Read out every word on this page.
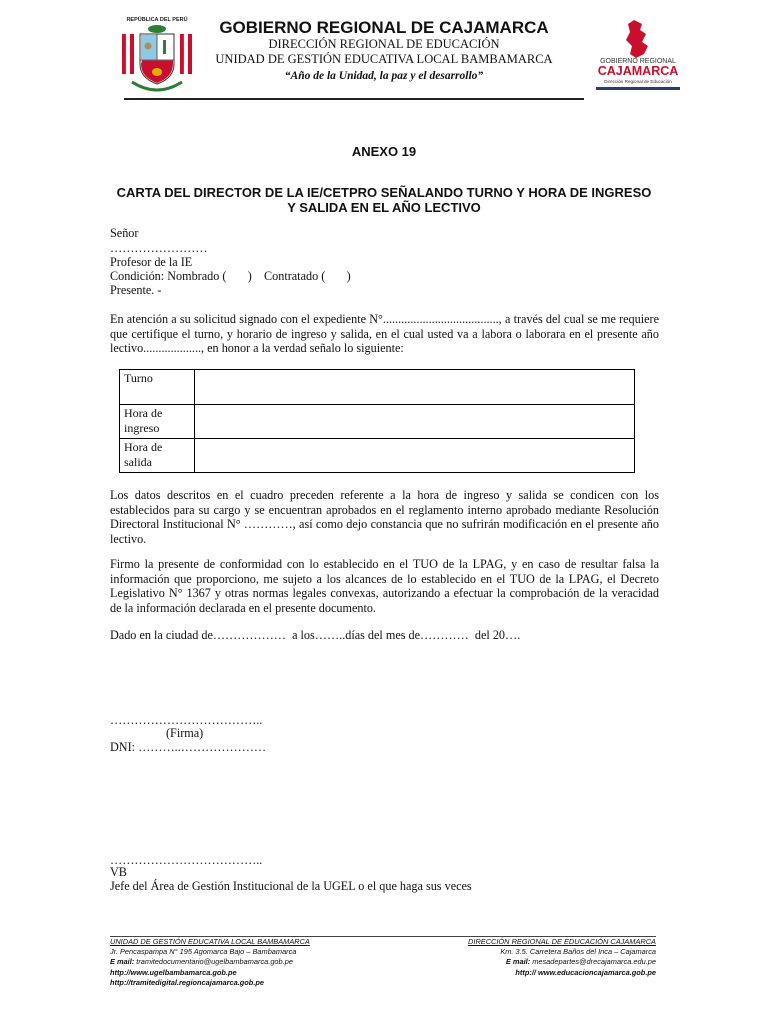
REPÚBLICA DEL PERÚ	GOBIERNO REGIONAL DE CAJAMARCA
DIRECCIÓN REGIONAL DE EDUCACIÓN
UNIDAD DE GESTIÓN EDUCATIVA LOCAL BAMBAMARCA
“Año de la Unidad, la paz y el desarrollo”
GOBIERNO REGIONAL
CAJAMARCA
Dirección Regional de Educación
ANEXO 19
CARTA DEL DIRECTOR DE LA IE/CETPRO SEÑALANDO TURNO Y HORA DE INGRESO
Y SALIDA EN EL AÑO LECTIVO
Señor
……………………
Profesor de la IE
Condición: Nombrado (       )    Contratado (       )
Presente. -
En atención a su solicitud signado con el expediente N°......................................, a través del cual se me requiere que certifique el turno, y horario de ingreso y salida, en el cual usted va a labora o laborara en el presente año lectivo..................., en honor a la verdad señalo lo siguiente:
Turno	
Hora de ingreso	
Hora de salida	
Los datos descritos en el cuadro preceden referente a la hora de ingreso y salida se condicen con los establecidos para su cargo y se encuentran aprobados en el reglamento interno aprobado mediante Resolución Directoral Institucional N° …………, así como dejo constancia que no sufrirán modificación en el presente año lectivo.
Firmo la presente de conformidad con lo establecido en el TUO de la LPAG, y en caso de resultar falsa la información que proporciono, me sujeto a los alcances de lo establecido en el TUO de la LPAG, el Decreto Legislativo N° 1367 y otras normas legales convexas, autorizando a efectuar la comprobación de la veracidad de la información declarada en el presente documento.
Dado en la ciudad de………………  a los……..días del mes de…………  del 20….
………………………………..
(Firma)
DNI: ………..…………………
………………………………..
VB
Jefe del Área de Gestión Institucional de la UGEL o el que haga sus veces
UNIDAD DE GESTIÓN EDUCATIVA LOCAL BAMBAMARCA
Jr. Pencaspampa N° 195 Agomarca Bajo – Bambamarca
E mail: tramitedocumentario@ugelbambamarca.gob.pe
http://www.ugelbambamarca.gob.pe
http://tramitedigital.regioncajamarca.gob.pe
DIRECCIÓN REGIONAL DE EDUCACIÓN CAJAMARCA
Km. 3.5. Carretera Baños del Inca – Cajamarca
E mail: mesadepartes@drecajamarca.edu.pe
http:// www.educacioncajamarca.gob.pe
